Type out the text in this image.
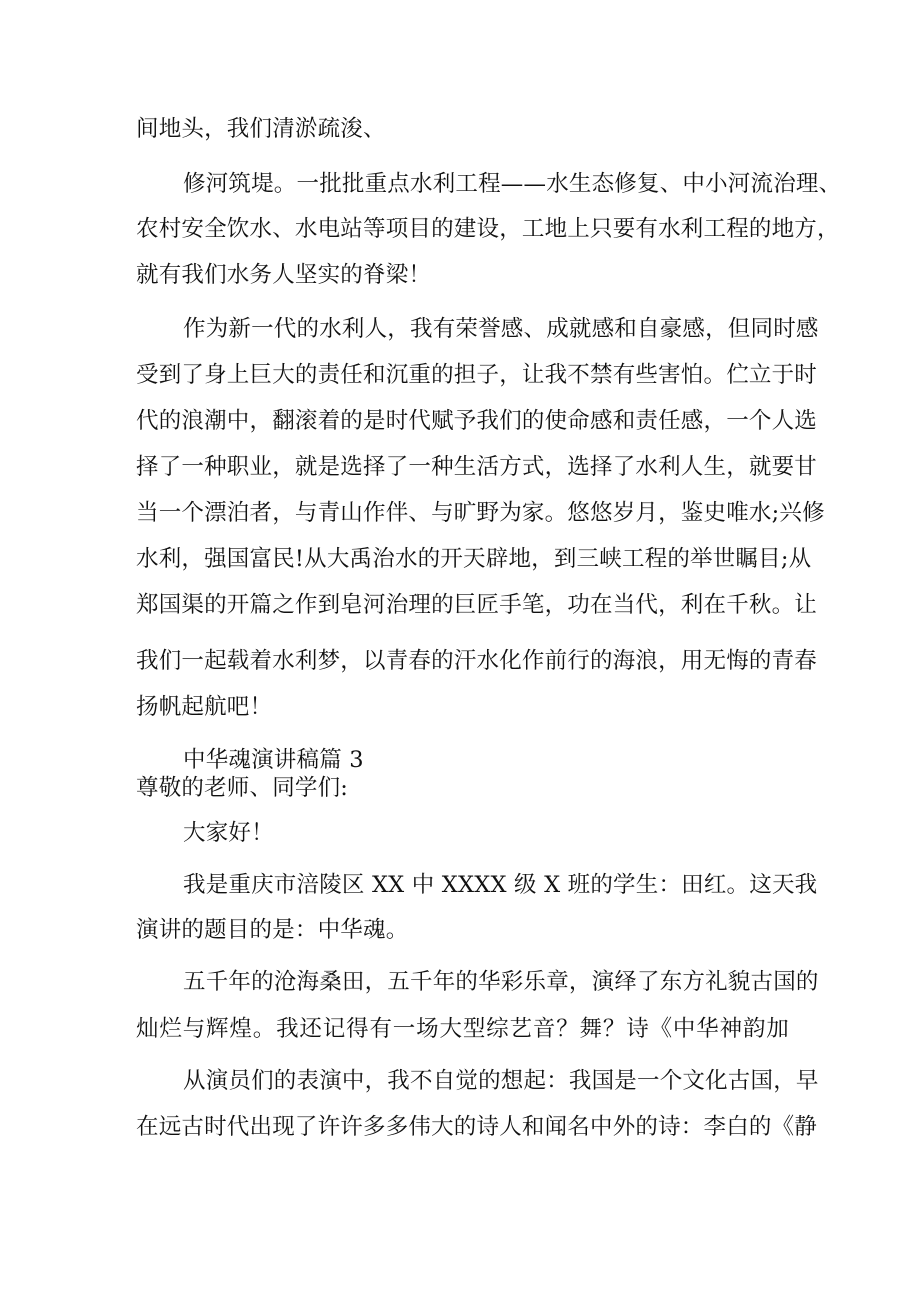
间地头，我们清淤疏浚、
修河筑堤。一批批重点水利工程——水生态修复、中小河流治理、
农村安全饮水、水电站等项目的建设，工地上只要有水利工程的地方，
就有我们水务人坚实的脊梁！
作为新一代的水利人，我有荣誉感、成就感和自豪感，但同时感
受到了身上巨大的责任和沉重的担子，让我不禁有些害怕。伫立于时
代的浪潮中，翻滚着的是时代赋予我们的使命感和责任感，一个人选
择了一种职业，就是选择了一种生活方式，选择了水利人生，就要甘
当一个漂泊者，与青山作伴、与旷野为家。悠悠岁月，鉴史唯水;兴修
水利，强国富民!从大禹治水的开天辟地，到三峡工程的举世瞩目;从
郑国渠的开篇之作到皂河治理的巨匠手笔，功在当代，利在千秋。让
我们一起载着水利梦，以青春的汗水化作前行的海浪，用无悔的青春
扬帆起航吧！
中华魂演讲稿篇 3
尊敬的老师、同学们:
大家好！
我是重庆市涪陵区 XX 中 XXXX 级 X 班的学生：田红。这天我
演讲的题目的是：中华魂。
五千年的沧海桑田，五千年的华彩乐章，演绎了东方礼貌古国的
灿烂与辉煌。我还记得有一场大型综艺音？舞？诗《中华神韵加
从演员们的表演中，我不自觉的想起：我国是一个文化古国，早
在远古时代出现了许许多多伟大的诗人和闻名中外的诗：李白的《静
